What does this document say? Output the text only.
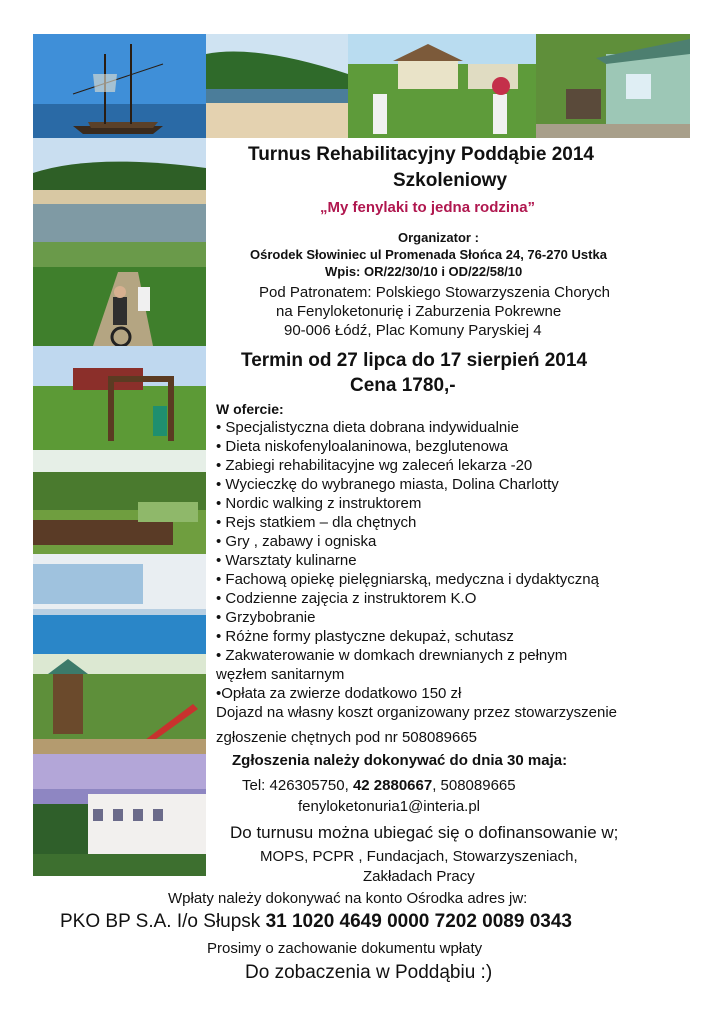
Turnus Rehabilitacyjny Poddąbie 2014
Szkoleniowy
„My fenylaki to jedna rodzina”
Organizator :
Ośrodek Słowiniec ul Promenada Słońca 24, 76-270 Ustka
Wpis: OR/22/30/10 i OD/22/58/10
Pod Patronatem: Polskiego Stowarzyszenia Chorych
na Fenyloketonurię i Zaburzenia Pokrewne
90-006 Łódź, Plac Komuny Paryskiej 4
Termin od 27 lipca do 17 sierpień 2014
Cena 1780,-
W ofercie:
• Specjalistyczna dieta dobrana indywidualnie
• Dieta niskofenyloalaninowa, bezglutenowa
• Zabiegi rehabilitacyjne wg zaleceń lekarza -20
• Wycieczkę do wybranego miasta, Dolina Charlotty
• Nordic walking z instruktorem
• Rejs statkiem – dla chętnych
• Gry , zabawy i ogniska
• Warsztaty kulinarne
• Fachową opiekę pielęgniarską, medyczna i dydaktyczną
• Codzienne zajęcia z instruktorem K.O
• Grzybobranie
• Różne formy plastyczne dekupaż, schutasz
• Zakwaterowanie w domkach drewnianych z pełnym
węzłem sanitarnym
•Opłata za zwierze dodatkowo 150 zł
Dojazd na własny koszt organizowany przez stowarzyszenie
zgłoszenie chętnych pod nr 508089665
Zgłoszenia należy dokonywać do dnia 30 maja:
Tel: 426305750, 42 2880667, 508089665
fenyloketonuria1@interia.pl
Do turnusu można ubiegać się o dofinansowanie w;
MOPS, PCPR , Fundacjach, Stowarzyszeniach,
Zakładach Pracy
Wpłaty należy dokonywać na konto Ośrodka adres jw:
PKO BP S.A. I/o Słupsk 31 1020 4649 0000 7202 0089 0343
Prosimy o zachowanie dokumentu wpłaty
Do zobaczenia w Poddąbiu :)
